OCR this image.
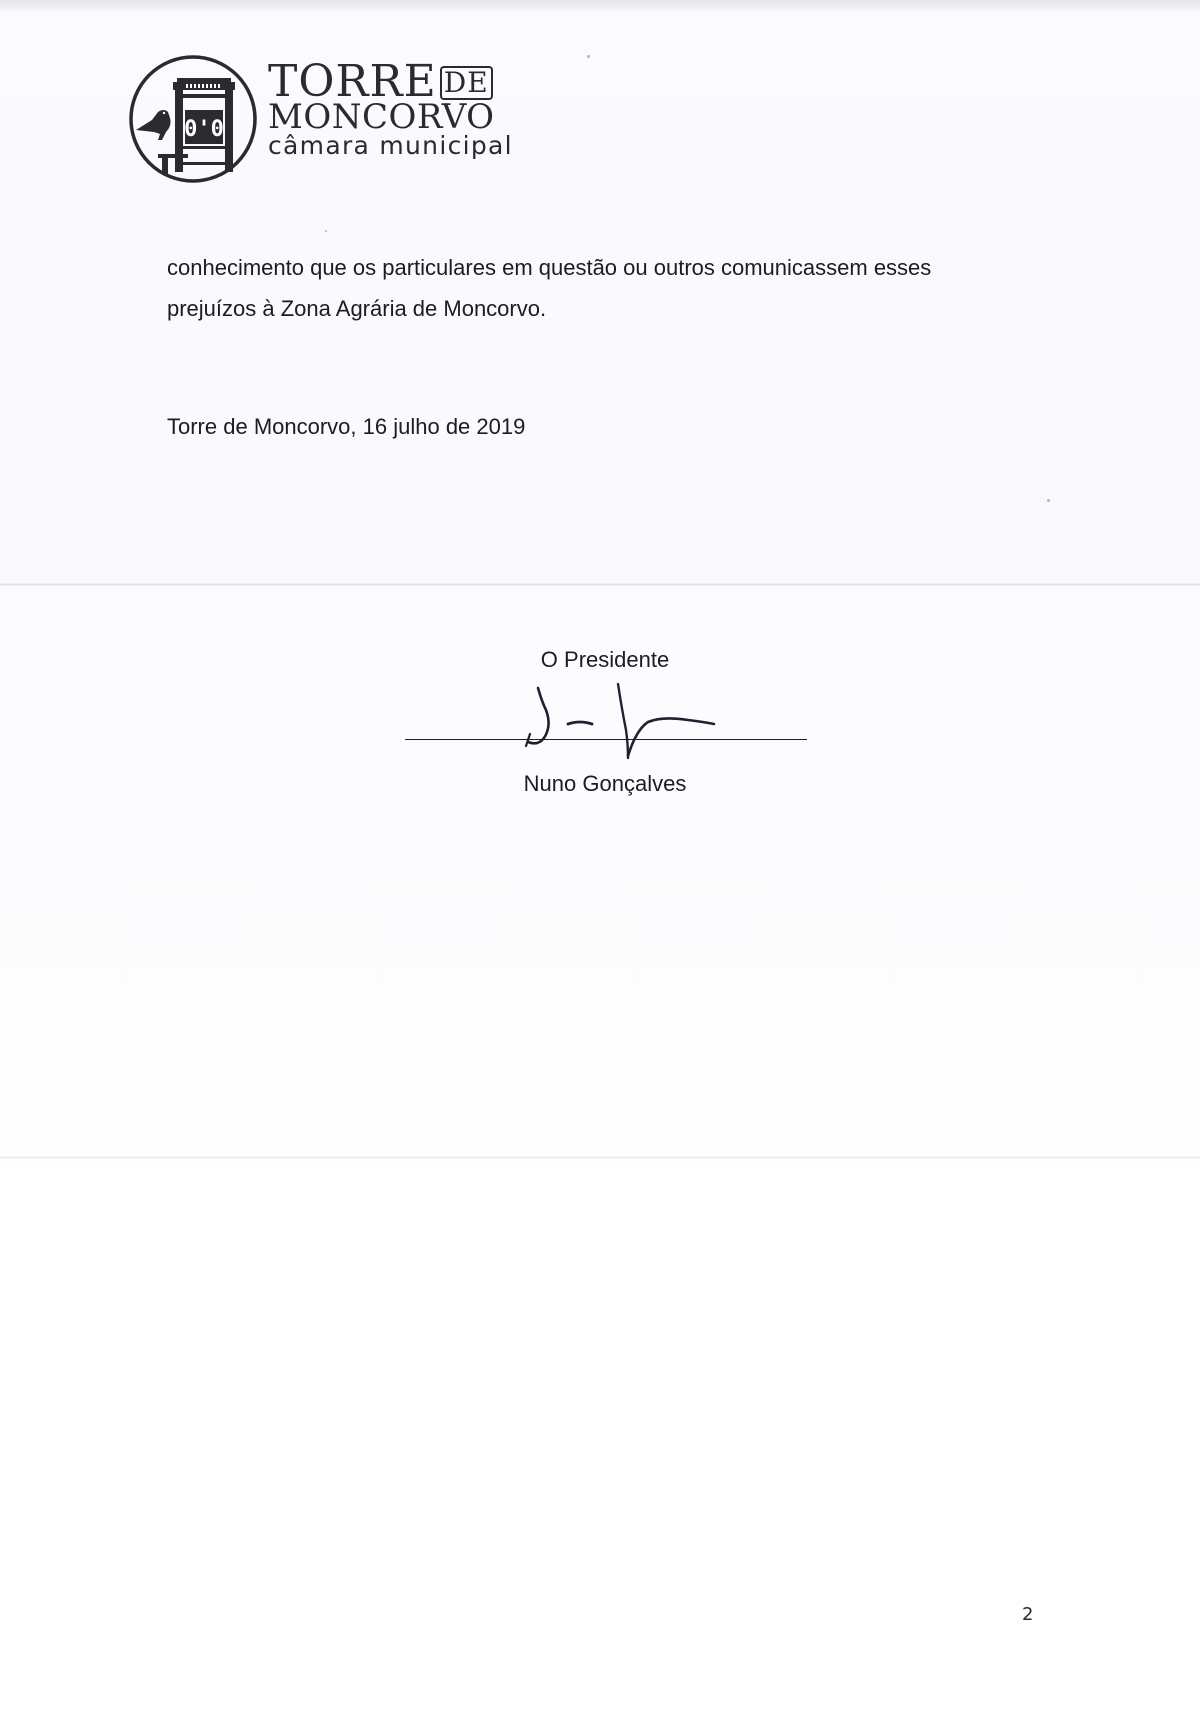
0'0
TORRE DE
MONCORVO
câmara municipal
conhecimento que os particulares em questão ou outros comunicassem esses
prejuízos à Zona Agrária de Moncorvo.
Torre de Moncorvo, 16 julho de 2019
O Presidente
Nuno Gonçalves
2
